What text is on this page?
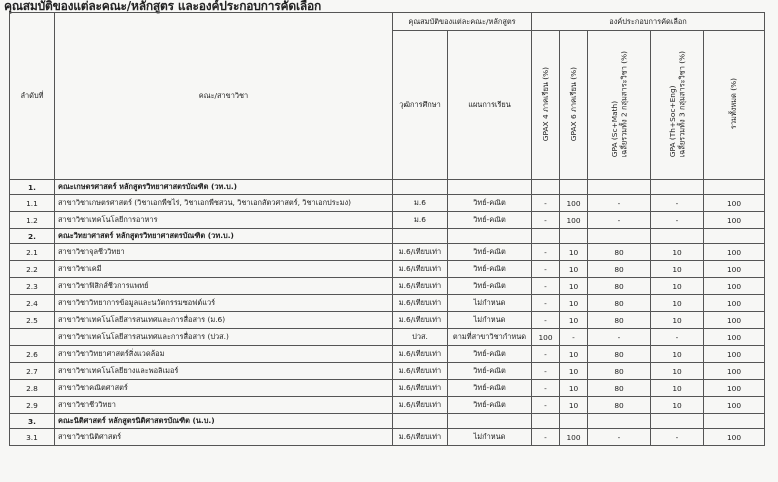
คุณสมบัติของแต่ละคณะ/หลักสูตร และองค์ประกอบการคัดเลือก
ลำดับที่	คณะ/สาขาวิชา	คุณสมบัติของแต่ละคณะ/หลักสูตร		องค์ประกอบการคัดเลือก				
		วุฒิการศึกษา	แผนการเรียน	GPAX 4 ภาคเรียน (%)	GPAX 6 ภาคเรียน (%)	GPA (Sc+Math)
เฉลี่ยรวมทั้ง 2 กลุ่มสาระวิชา (%)	GPA (Th+Soc+Eng)
เฉลี่ยรวมทั้ง 3 กลุ่มสาระวิชา (%)	รวมทั้งหมด (%)
1.	คณะเกษตรศาสตร์ หลักสูตรวิทยาศาสตรบัณฑิต (วท.บ.)							
1.1	สาขาวิชาเกษตรศาสตร์ (วิชาเอกพืชไร่, วิชาเอกพืชสวน, วิชาเอกสัตวศาสตร์, วิชาเอกประมง)	ม.6	วิทย์-คณิต	-	100	-	-	100
1.2	สาขาวิชาเทคโนโลยีการอาหาร	ม.6	วิทย์-คณิต	-	100	-	-	100
2.	คณะวิทยาศาสตร์ หลักสูตรวิทยาศาสตรบัณฑิต (วท.บ.)							
2.1	สาขาวิชาจุลชีววิทยา	ม.6/เทียบเท่า	วิทย์-คณิต	-	10	80	10	100
2.2	สาขาวิชาเคมี	ม.6/เทียบเท่า	วิทย์-คณิต	-	10	80	10	100
2.3	สาขาวิชาฟิสิกส์ชีวการแพทย์	ม.6/เทียบเท่า	วิทย์-คณิต	-	10	80	10	100
2.4	สาขาวิชาวิทยาการข้อมูลและนวัตกรรมซอฟต์แวร์	ม.6/เทียบเท่า	ไม่กำหนด	-	10	80	10	100
2.5	สาขาวิชาเทคโนโลยีสารสนเทศและการสื่อสาร (ม.6)	ม.6/เทียบเท่า	ไม่กำหนด	-	10	80	10	100
	สาขาวิชาเทคโนโลยีสารสนเทศและการสื่อสาร (ปวส.)	ปวส.	ตามที่สาขาวิชากำหนด	100	-	-	-	100
2.6	สาขาวิชาวิทยาศาสตร์สิ่งแวดล้อม	ม.6/เทียบเท่า	วิทย์-คณิต	-	10	80	10	100
2.7	สาขาวิชาเทคโนโลยียางและพอลิเมอร์	ม.6/เทียบเท่า	วิทย์-คณิต	-	10	80	10	100
2.8	สาขาวิชาคณิตศาสตร์	ม.6/เทียบเท่า	วิทย์-คณิต	-	10	80	10	100
2.9	สาขาวิชาชีววิทยา	ม.6/เทียบเท่า	วิทย์-คณิต	-	10	80	10	100
3.	คณะนิติศาสตร์ หลักสูตรนิติศาสตรบัณฑิต (น.บ.)							
3.1	สาขาวิชานิติศาสตร์	ม.6/เทียบเท่า	ไม่กำหนด	-	100	-	-	100
